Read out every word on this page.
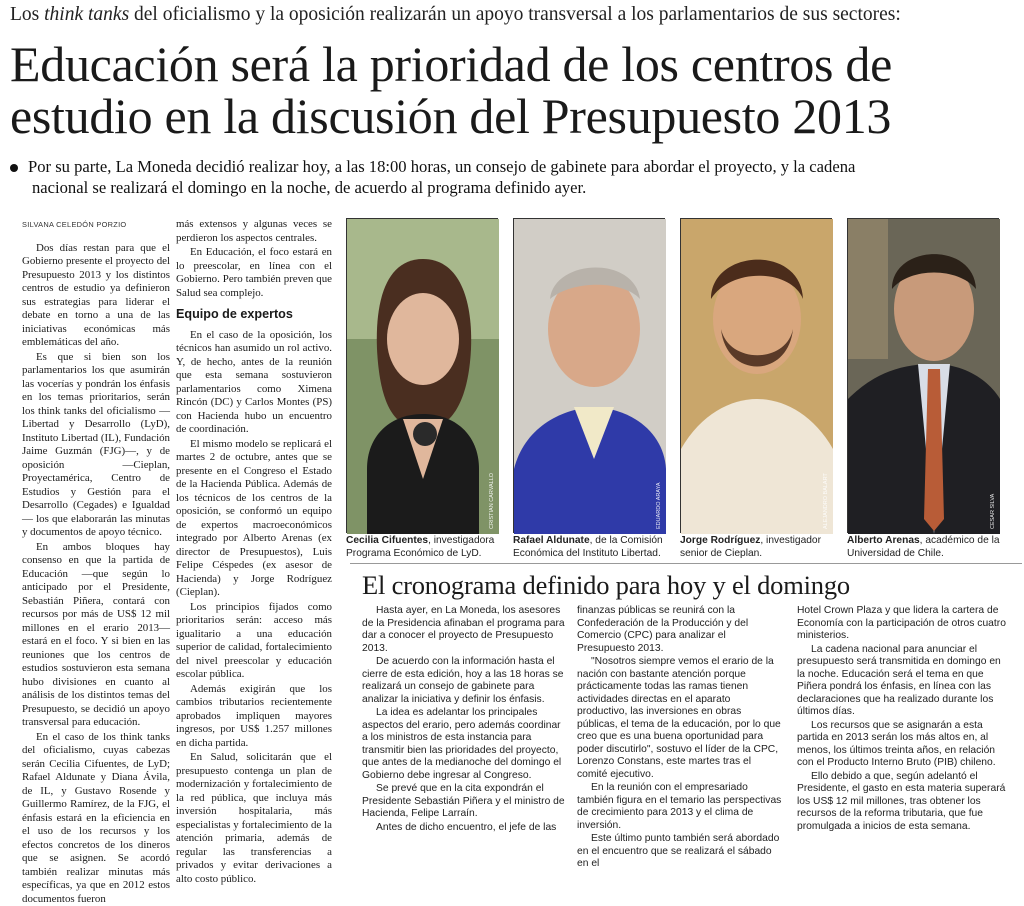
Los think tanks del oficialismo y la oposición realizarán un apoyo transversal a los parlamentarios de sus sectores:
Educación será la prioridad de los centros de
estudio en la discusión del Presupuesto 2013
Por su parte, La Moneda decidió realizar hoy, a las 18:00 horas, un consejo de gabinete para abordar el proyecto, y la cadena
nacional se realizará el domingo en la noche, de acuerdo al programa definido ayer.
SILVANA CELEDÓN PORZIO

Dos días restan para que el Gobierno presente el proyecto del Presupuesto 2013 y los distintos centros de estudio ya definieron sus estrategias para liderar el debate en torno a una de las iniciativas económicas más emblemáticas del año.

Es que si bien son los parlamentarios los que asumirán las vocerías y pondrán los énfasis en los temas prioritarios, serán los think tanks del oficialismo —Libertad y Desarrollo (LyD), Instituto Libertad (IL), Fundación Jaime Guzmán (FJG)—, y de oposición —Cieplan, Proyectamérica, Centro de Estudios y Gestión para el Desarrollo (Cegades) e Igualdad— los que elaborarán las minutas y documentos de apoyo técnico.

En ambos bloques hay consenso en que la partida de Educación —que según lo anticipado por el Presidente, Sebastián Piñera, contará con recursos por más de US$ 12 mil millones en el erario 2013— estará en el foco. Y si bien en las reuniones que los centros de estudios sostuvieron esta semana hubo divisiones en cuanto al análisis de los distintos temas del Presupuesto, se decidió un apoyo transversal para educación.

En el caso de los think tanks del oficialismo, cuyas cabezas serán Cecilia Cifuentes, de LyD; Rafael Aldunate y Diana Ávila, de IL, y Gustavo Rosende y Guillermo Ramírez, de la FJG, el énfasis estará en la eficiencia en el uso de los recursos y los efectos concretos de los dineros que se asignen. Se acordó también realizar minutas más específicas, ya que en 2012 estos documentos fueron

más extensos y algunas veces se perdieron los aspectos centrales.

En Educación, el foco estará en lo preescolar, en línea con el Gobierno. Pero también preven que Salud sea complejo.

Equipo de expertos

En el caso de la oposición, los técnicos han asumido un rol activo. Y, de hecho, antes de la reunión que esta semana sostuvieron parlamentarios como Ximena Rincón (DC) y Carlos Montes (PS) con Hacienda hubo un encuentro de coordinación.

El mismo modelo se replicará el martes 2 de octubre, antes que se presente en el Congreso el Estado de la Hacienda Pública. Además de los técnicos de los centros de la oposición, se conformó un equipo de expertos macroeconómicos integrado por Alberto Arenas (ex director de Presupuestos), Luis Felipe Céspedes (ex asesor de Hacienda) y Jorge Rodríguez (Cieplan).

Los principios fijados como prioritarios serán: acceso más igualitario a una educación superior de calidad, fortalecimiento del nivel preescolar y educación escolar pública.

Además exigirán que los cambios tributarios recientemente aprobados impliquen mayores ingresos, por US$ 1.257 millones en dicha partida.

En Salud, solicitarán que el presupuesto contenga un plan de modernización y fortalecimiento de la red pública, que incluya más inversión hospitalaria, más especialistas y fortalecimiento de la atención primaria, además de regular las transferencias a privados y evitar derivaciones a alto costo público.

CRISTIAN CARVALLO	EDUARDO ARAYA	ALEJANDRO BALART	CESAR SILVA
Cecilia Cifuentes, investigadora Programa Económico de LyD.
Rafael Aldunate, de la Comisión Económica del Instituto Libertad.
Jorge Rodríguez, investigador senior de Cieplan.
Alberto Arenas, académico de la Universidad de Chile.
El cronograma definido para hoy y el domingo

Hasta ayer, en La Moneda, los asesores de la Presidencia afinaban el programa para dar a conocer el proyecto de Presupuesto 2013.

De acuerdo con la información hasta el cierre de esta edición, hoy a las 18 horas se realizará un consejo de gabinete para analizar la iniciativa y definir los énfasis.

La idea es adelantar los principales aspectos del erario, pero además coordinar a los ministros de esta instancia para transmitir bien las prioridades del proyecto, que antes de la medianoche del domingo el Gobierno debe ingresar al Congreso.

Se prevé que en la cita expondrán el Presidente Sebastián Piñera y el ministro de Hacienda, Felipe Larraín.

Antes de dicho encuentro, el jefe de las

finanzas públicas se reunirá con la Confederación de la Producción y del Comercio (CPC) para analizar el Presupuesto 2013.

"Nosotros siempre vemos el erario de la nación con bastante atención porque prácticamente todas las ramas tienen actividades directas en el aparato productivo, las inversiones en obras públicas, el tema de la educación, por lo que creo que es una buena oportunidad para poder discutirlo", sostuvo el líder de la CPC, Lorenzo Constans, este martes tras el comité ejecutivo.

En la reunión con el empresariado también figura en el temario las perspectivas de crecimiento para 2013 y el clima de inversión.

Este último punto también será abordado en el encuentro que se realizará el sábado en el

Hotel Crown Plaza y que lidera la cartera de Economía con la participación de otros cuatro ministerios.

La cadena nacional para anunciar el presupuesto será transmitida en domingo en la noche. Educación será el tema en que Piñera pondrá los énfasis, en línea con las declaraciones que ha realizado durante los últimos días.

Los recursos que se asignarán a esta partida en 2013 serán los más altos en, al menos, los últimos treinta años, en relación con el Producto Interno Bruto (PIB) chileno.

Ello debido a que, según adelantó el Presidente, el gasto en esta materia superará los US$ 12 mil millones, tras obtener los recursos de la reforma tributaria, que fue promulgada a inicios de esta semana.
